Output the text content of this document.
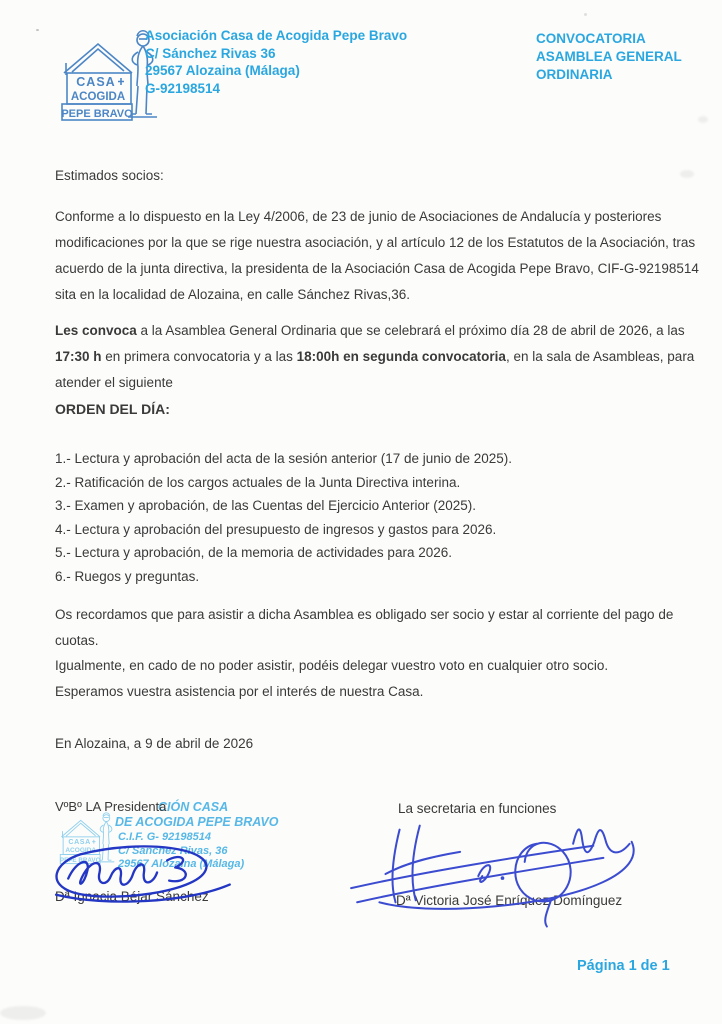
Asociación Casa de Acogida Pepe Bravo
C/ Sánchez Rivas 36
29567 Alozaina (Málaga)
G-92198514
CONVOCATORIA
ASAMBLEA GENERAL
ORDINARIA
Estimados socios:
Conforme a lo dispuesto en la Ley 4/2006, de 23 de junio de Asociaciones de Andalucía y posteriores modificaciones por la que se rige nuestra asociación, y al artículo 12 de los Estatutos de la Asociación, tras acuerdo de la junta directiva, la presidenta de la Asociación Casa de Acogida Pepe Bravo, CIF-G-92198514 sita en la localidad de Alozaina, en calle Sánchez Rivas,36.
Les convoca a la Asamblea General Ordinaria que se celebrará el próximo día 28 de abril de 2026, a las 17:30 h en primera convocatoria y a las 18:00h en segunda convocatoria, en la sala de Asambleas, para atender el siguiente
ORDEN DEL DÍA:
1.- Lectura y aprobación del acta de la sesión anterior (17 de junio de 2025).
2.- Ratificación de los cargos actuales de la Junta Directiva interina.
3.- Examen y aprobación, de las Cuentas del Ejercicio Anterior (2025).
4.- Lectura y aprobación del presupuesto de ingresos y gastos para 2026.
5.- Lectura y aprobación, de la memoria de actividades para 2026.
6.- Ruegos y preguntas.
Os recordamos que para asistir a dicha Asamblea es obligado ser socio y estar al corriente del pago de cuotas.
Igualmente, en cado de no poder asistir, podéis delegar vuestro voto en cualquier otro socio.
Esperamos vuestra asistencia por el interés de nuestra Casa.
En Alozaina, a 9 de abril de 2026
VºBº LA Presidenta	La secretaria en funciones
CIÓN CASA
DE ACOGIDA PEPE BRAVO
C.I.F. G- 92198514
C/ Sánchez Rivas, 36
29567 Alozaina (Málaga)
Dª Ignacia Béjar Sánchez	Dª Victoria José Enríquez Domínguez
Página 1 de 1
